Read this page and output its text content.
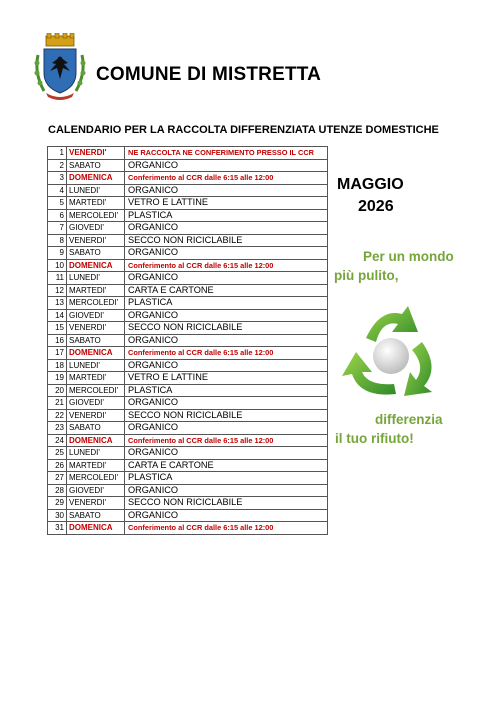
COMUNE DI MISTRETTA
CALENDARIO PER LA RACCOLTA DIFFERENZIATA UTENZE DOMESTICHE
1	VENERDI'	NE RACCOLTA NE CONFERIMENTO PRESSO IL CCR
2	SABATO	ORGANICO
3	DOMENICA	Conferimento al CCR dalle 6:15 alle 12:00
4	LUNEDI'	ORGANICO
5	MARTEDI'	VETRO E LATTINE
6	MERCOLEDI'	PLASTICA
7	GIOVEDI'	ORGANICO
8	VENERDI'	SECCO NON RICICLABILE
9	SABATO	ORGANICO
10	DOMENICA	Conferimento al CCR dalle 6:15 alle 12:00
11	LUNEDI'	ORGANICO
12	MARTEDI'	CARTA E CARTONE
13	MERCOLEDI'	PLASTICA
14	GIOVEDI'	ORGANICO
15	VENERDI'	SECCO NON RICICLABILE
16	SABATO	ORGANICO
17	DOMENICA	Conferimento al CCR dalle 6:15 alle 12:00
18	LUNEDI'	ORGANICO
19	MARTEDI'	VETRO E LATTINE
20	MERCOLEDI'	PLASTICA
21	GIOVEDI'	ORGANICO
22	VENERDI'	SECCO NON RICICLABILE
23	SABATO	ORGANICO
24	DOMENICA	Conferimento al CCR dalle 6:15 alle 12:00
25	LUNEDI'	ORGANICO
26	MARTEDI'	CARTA E CARTONE
27	MERCOLEDI'	PLASTICA
28	GIOVEDI'	ORGANICO
29	VENERDI'	SECCO NON RICICLABILE
30	SABATO	ORGANICO
31	DOMENICA	Conferimento al CCR dalle 6:15 alle 12:00
MAGGIO
2026
Per un mondo
più pulito,
differenzia
il tuo rifiuto!
